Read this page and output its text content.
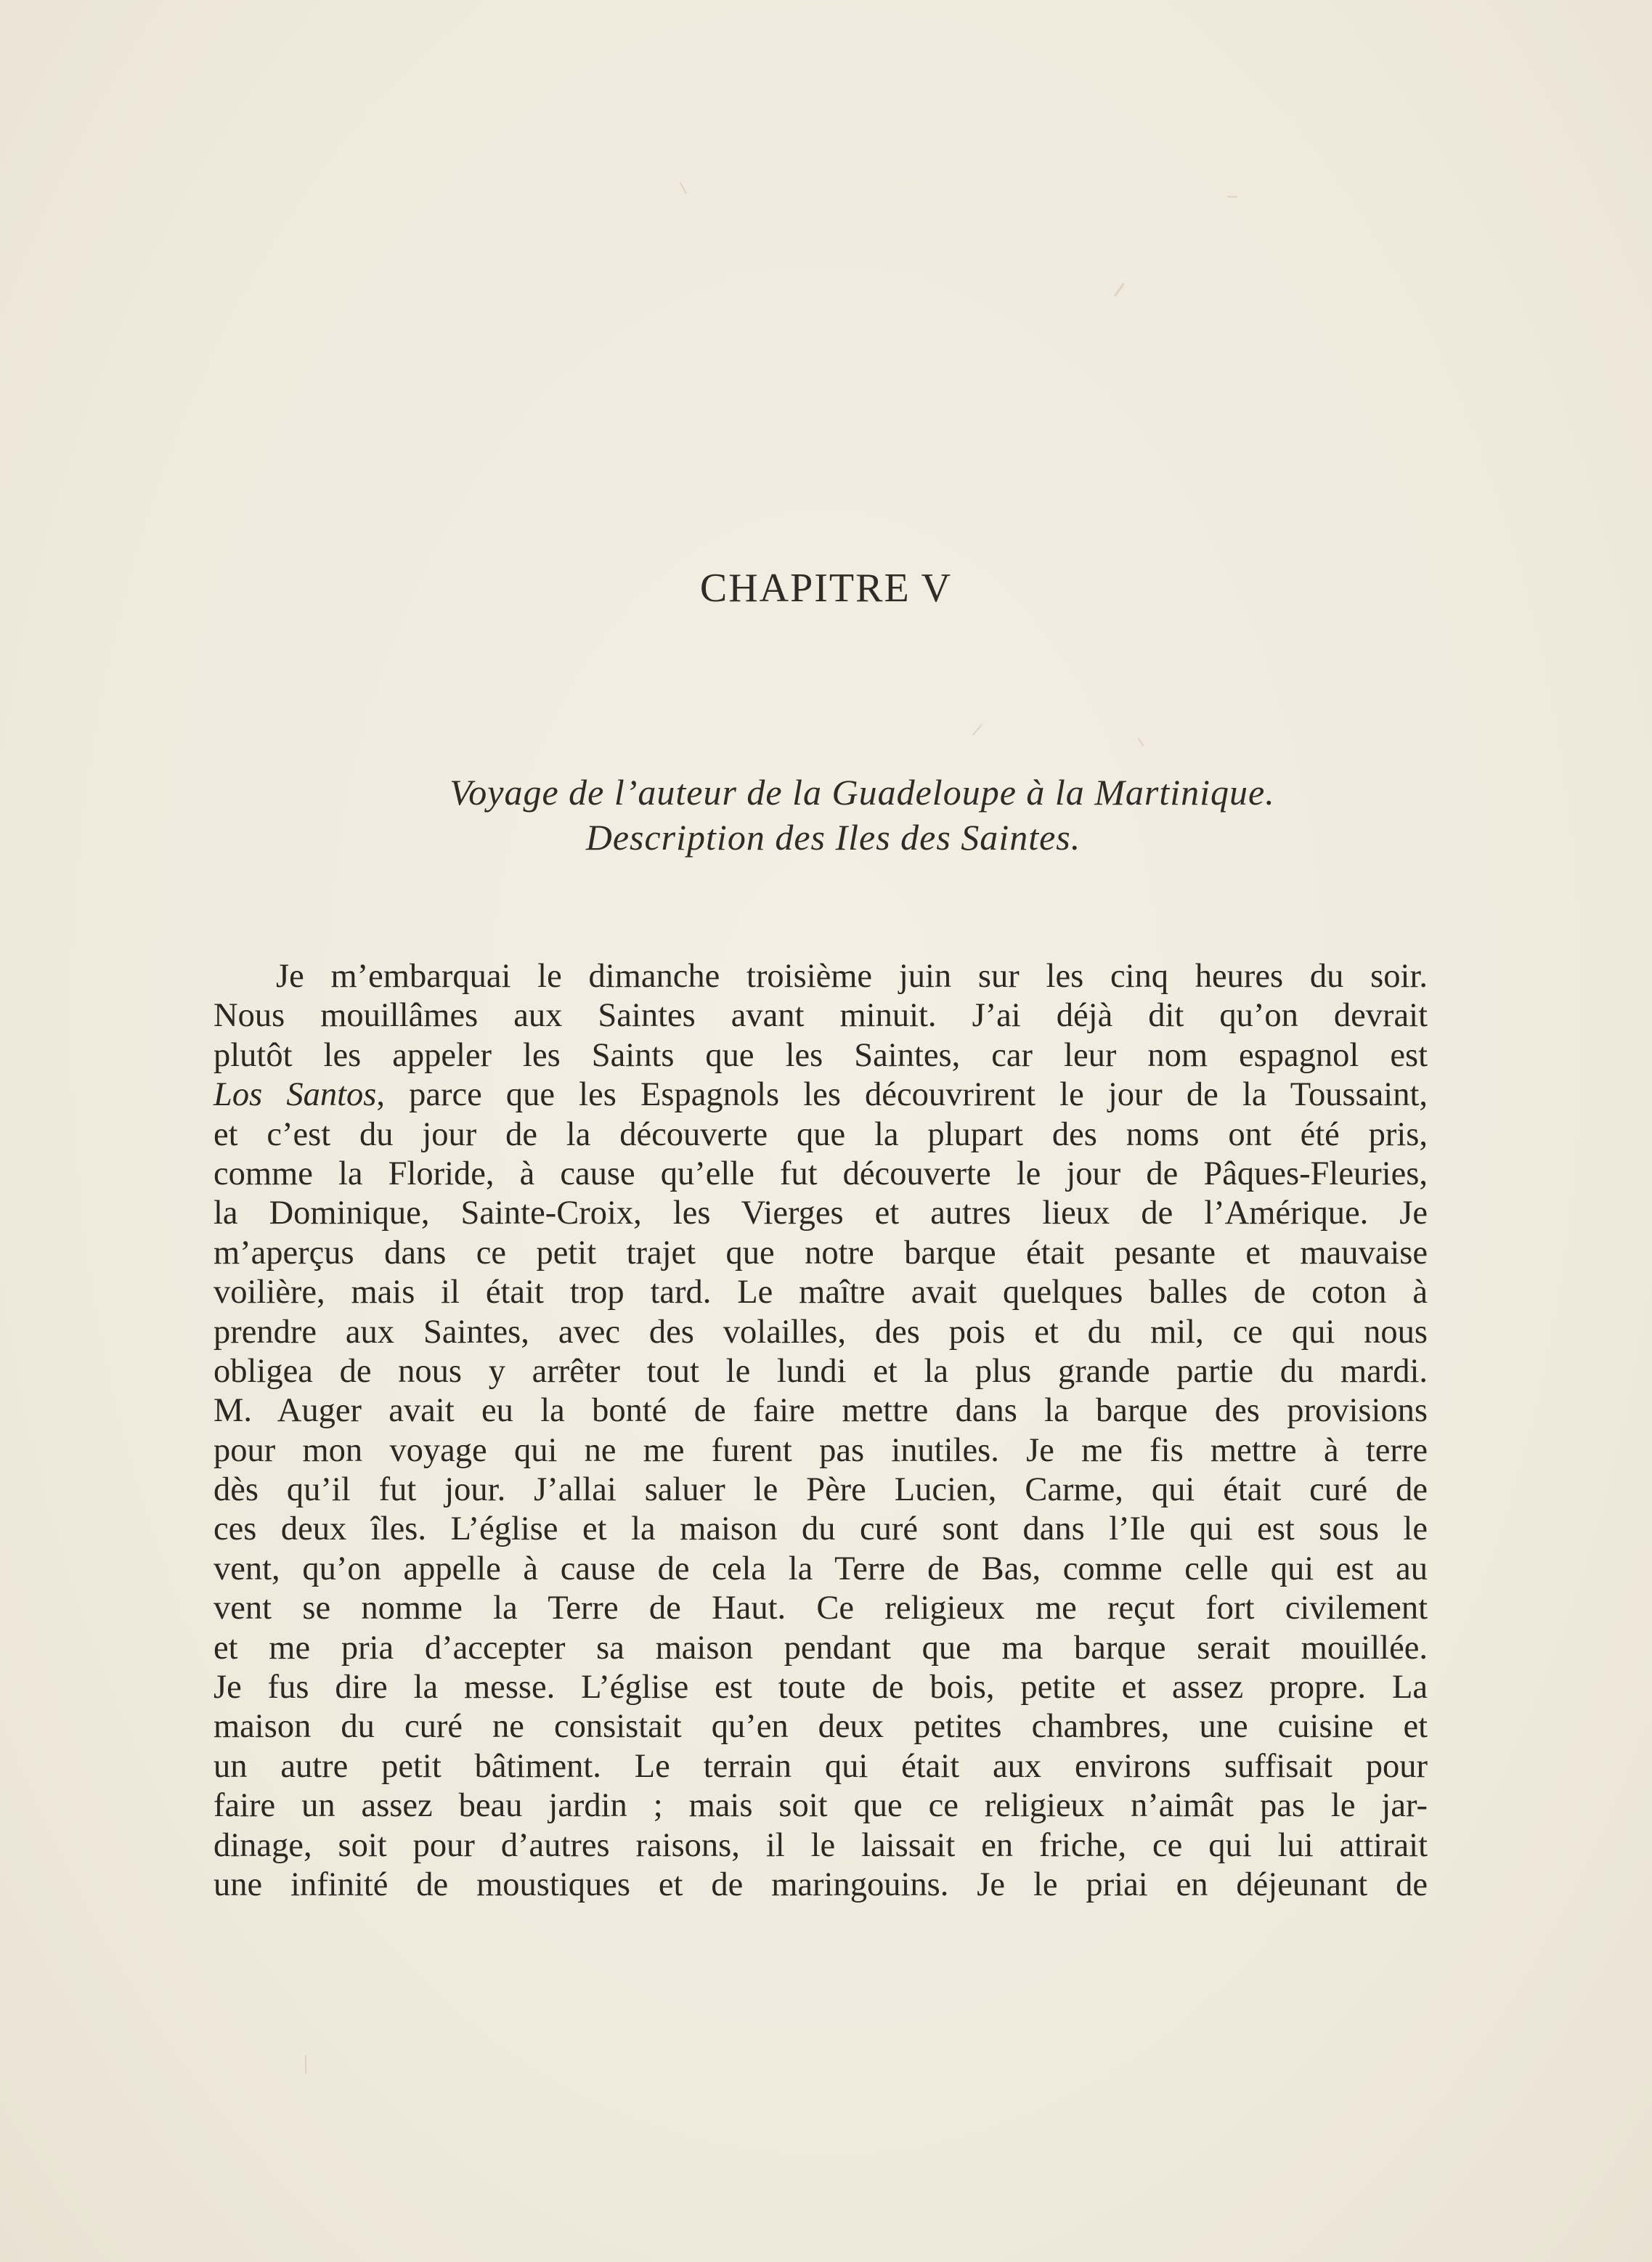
CHAPITRE V
Voyage de l’auteur de la Guadeloupe à la Martinique.
Description des Iles des Saintes.
Je m’embarquai le dimanche troisième juin sur les cinq heures du soir.
Nous mouillâmes aux Saintes avant minuit. J’ai déjà dit qu’on devrait
plutôt les appeler les Saints que les Saintes, car leur nom espagnol est
Los Santos, parce que les Espagnols les découvrirent le jour de la Toussaint,
et c’est du jour de la découverte que la plupart des noms ont été pris,
comme la Floride, à cause qu’elle fut découverte le jour de Pâques-Fleuries,
la Dominique, Sainte-Croix, les Vierges et autres lieux de l’Amérique. Je
m’aperçus dans ce petit trajet que notre barque était pesante et mauvaise
voilière, mais il était trop tard. Le maître avait quelques balles de coton à
prendre aux Saintes, avec des volailles, des pois et du mil, ce qui nous
obligea de nous y arrêter tout le lundi et la plus grande partie du mardi.
M. Auger avait eu la bonté de faire mettre dans la barque des provisions
pour mon voyage qui ne me furent pas inutiles. Je me fis mettre à terre
dès qu’il fut jour. J’allai saluer le Père Lucien, Carme, qui était curé de
ces deux îles. L’église et la maison du curé sont dans l’Ile qui est sous le
vent, qu’on appelle à cause de cela la Terre de Bas, comme celle qui est au
vent se nomme la Terre de Haut. Ce religieux me reçut fort civilement
et me pria d’accepter sa maison pendant que ma barque serait mouillée.
Je fus dire la messe. L’église est toute de bois, petite et assez propre. La
maison du curé ne consistait qu’en deux petites chambres, une cuisine et
un autre petit bâtiment. Le terrain qui était aux environs suffisait pour
faire un assez beau jardin ; mais soit que ce religieux n’aimât pas le jar-
dinage, soit pour d’autres raisons, il le laissait en friche, ce qui lui attirait
une infinité de moustiques et de maringouins. Je le priai en déjeunant de
